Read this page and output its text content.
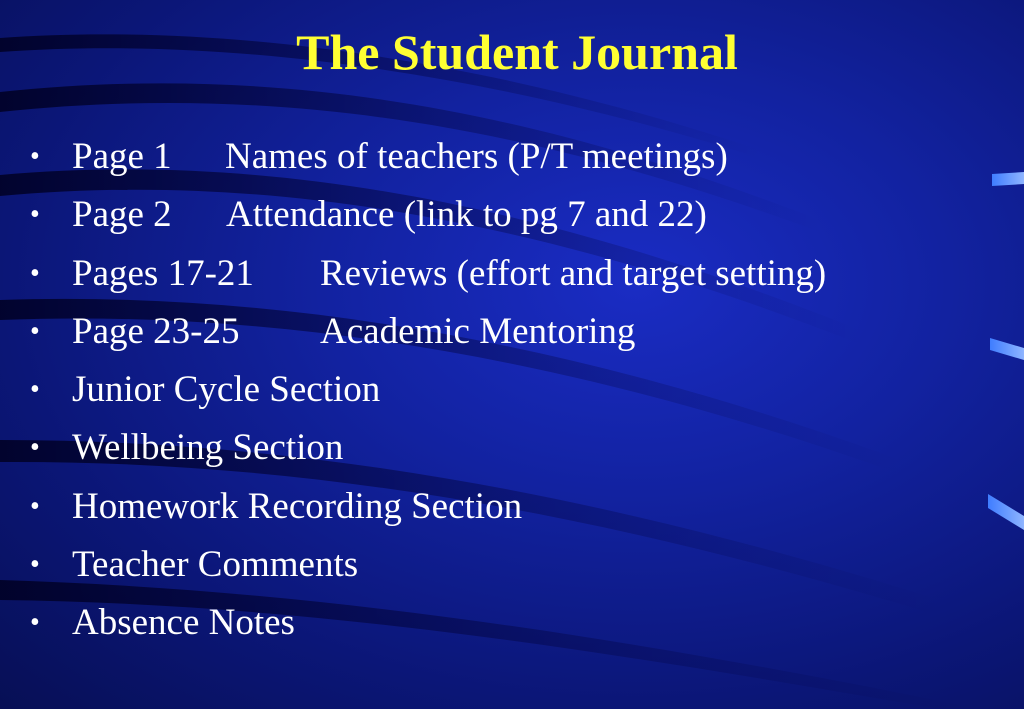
The Student Journal
• Page 1 Names of teachers (P/T meetings)
• Page 2 Attendance (link to pg 7 and 22)
• Pages 17-21 Reviews (effort and target setting)
• Page 23-25 Academic Mentoring
• Junior Cycle Section
• Wellbeing Section
• Homework Recording Section
• Teacher Comments
• Absence Notes
